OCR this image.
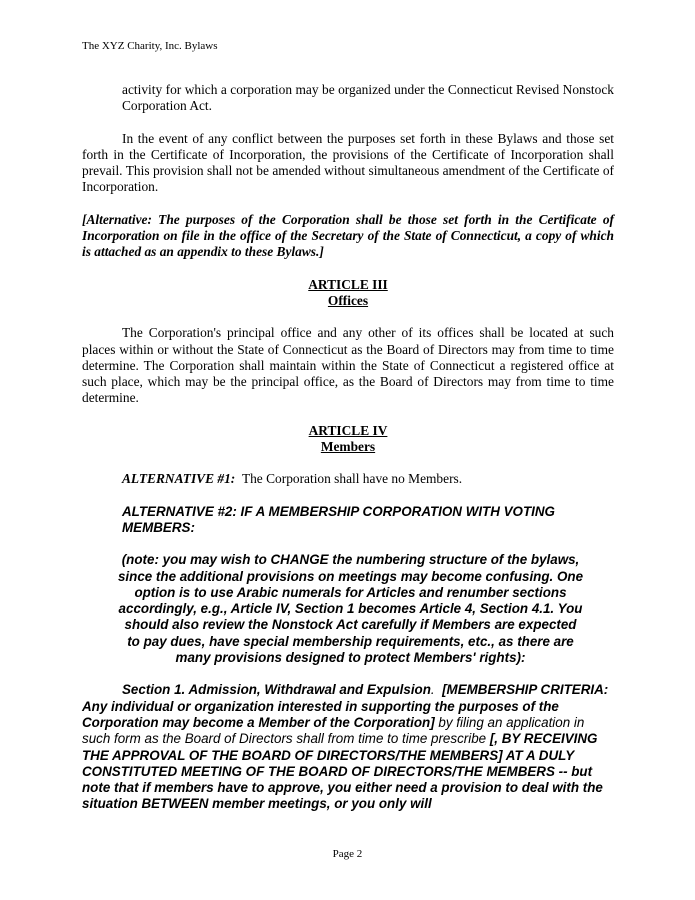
The XYZ Charity, Inc. Bylaws

activity for which a corporation may be organized under the Connecticut Revised Nonstock Corporation Act.

In the event of any conflict between the purposes set forth in these Bylaws and those set forth in the Certificate of Incorporation, the provisions of the Certificate of Incorporation shall prevail. This provision shall not be amended without simultaneous amendment of the Certificate of Incorporation.

[Alternative: The purposes of the Corporation shall be those set forth in the Certificate of Incorporation on file in the office of the Secretary of the State of Connecticut, a copy of which is attached as an appendix to these Bylaws.]

ARTICLE III

Offices

The Corporation's principal office and any other of its offices shall be located at such places within or without the State of Connecticut as the Board of Directors may from time to time determine. The Corporation shall maintain within the State of Connecticut a registered office at such place, which may be the principal office, as the Board of Directors may from time to time determine.

ARTICLE IV

Members

ALTERNATIVE #1: The Corporation shall have no Members.

ALTERNATIVE #2: IF A MEMBERSHIP CORPORATION WITH VOTING MEMBERS:

(note: you may wish to CHANGE the numbering structure of the bylaws, since the additional provisions on meetings may become confusing. One option is to use Arabic numerals for Articles and renumber sections accordingly, e.g., Article IV, Section 1 becomes Article 4, Section 4.1. You should also review the Nonstock Act carefully if Members are expected to pay dues, have special membership requirements, etc., as there are many provisions designed to protect Members' rights):

Section 1. Admission, Withdrawal and Expulsion. [MEMBERSHIP CRITERIA: Any individual or organization interested in supporting the purposes of the Corporation may become a Member of the Corporation] by filing an application in such form as the Board of Directors shall from time to time prescribe [, BY RECEIVING THE APPROVAL OF THE BOARD OF DIRECTORS/THE MEMBERS] AT A DULY CONSTITUTED MEETING OF THE BOARD OF DIRECTORS/THE MEMBERS -- but note that if members have to approve, you either need a provision to deal with the situation BETWEEN member meetings, or you only will

Page 2
